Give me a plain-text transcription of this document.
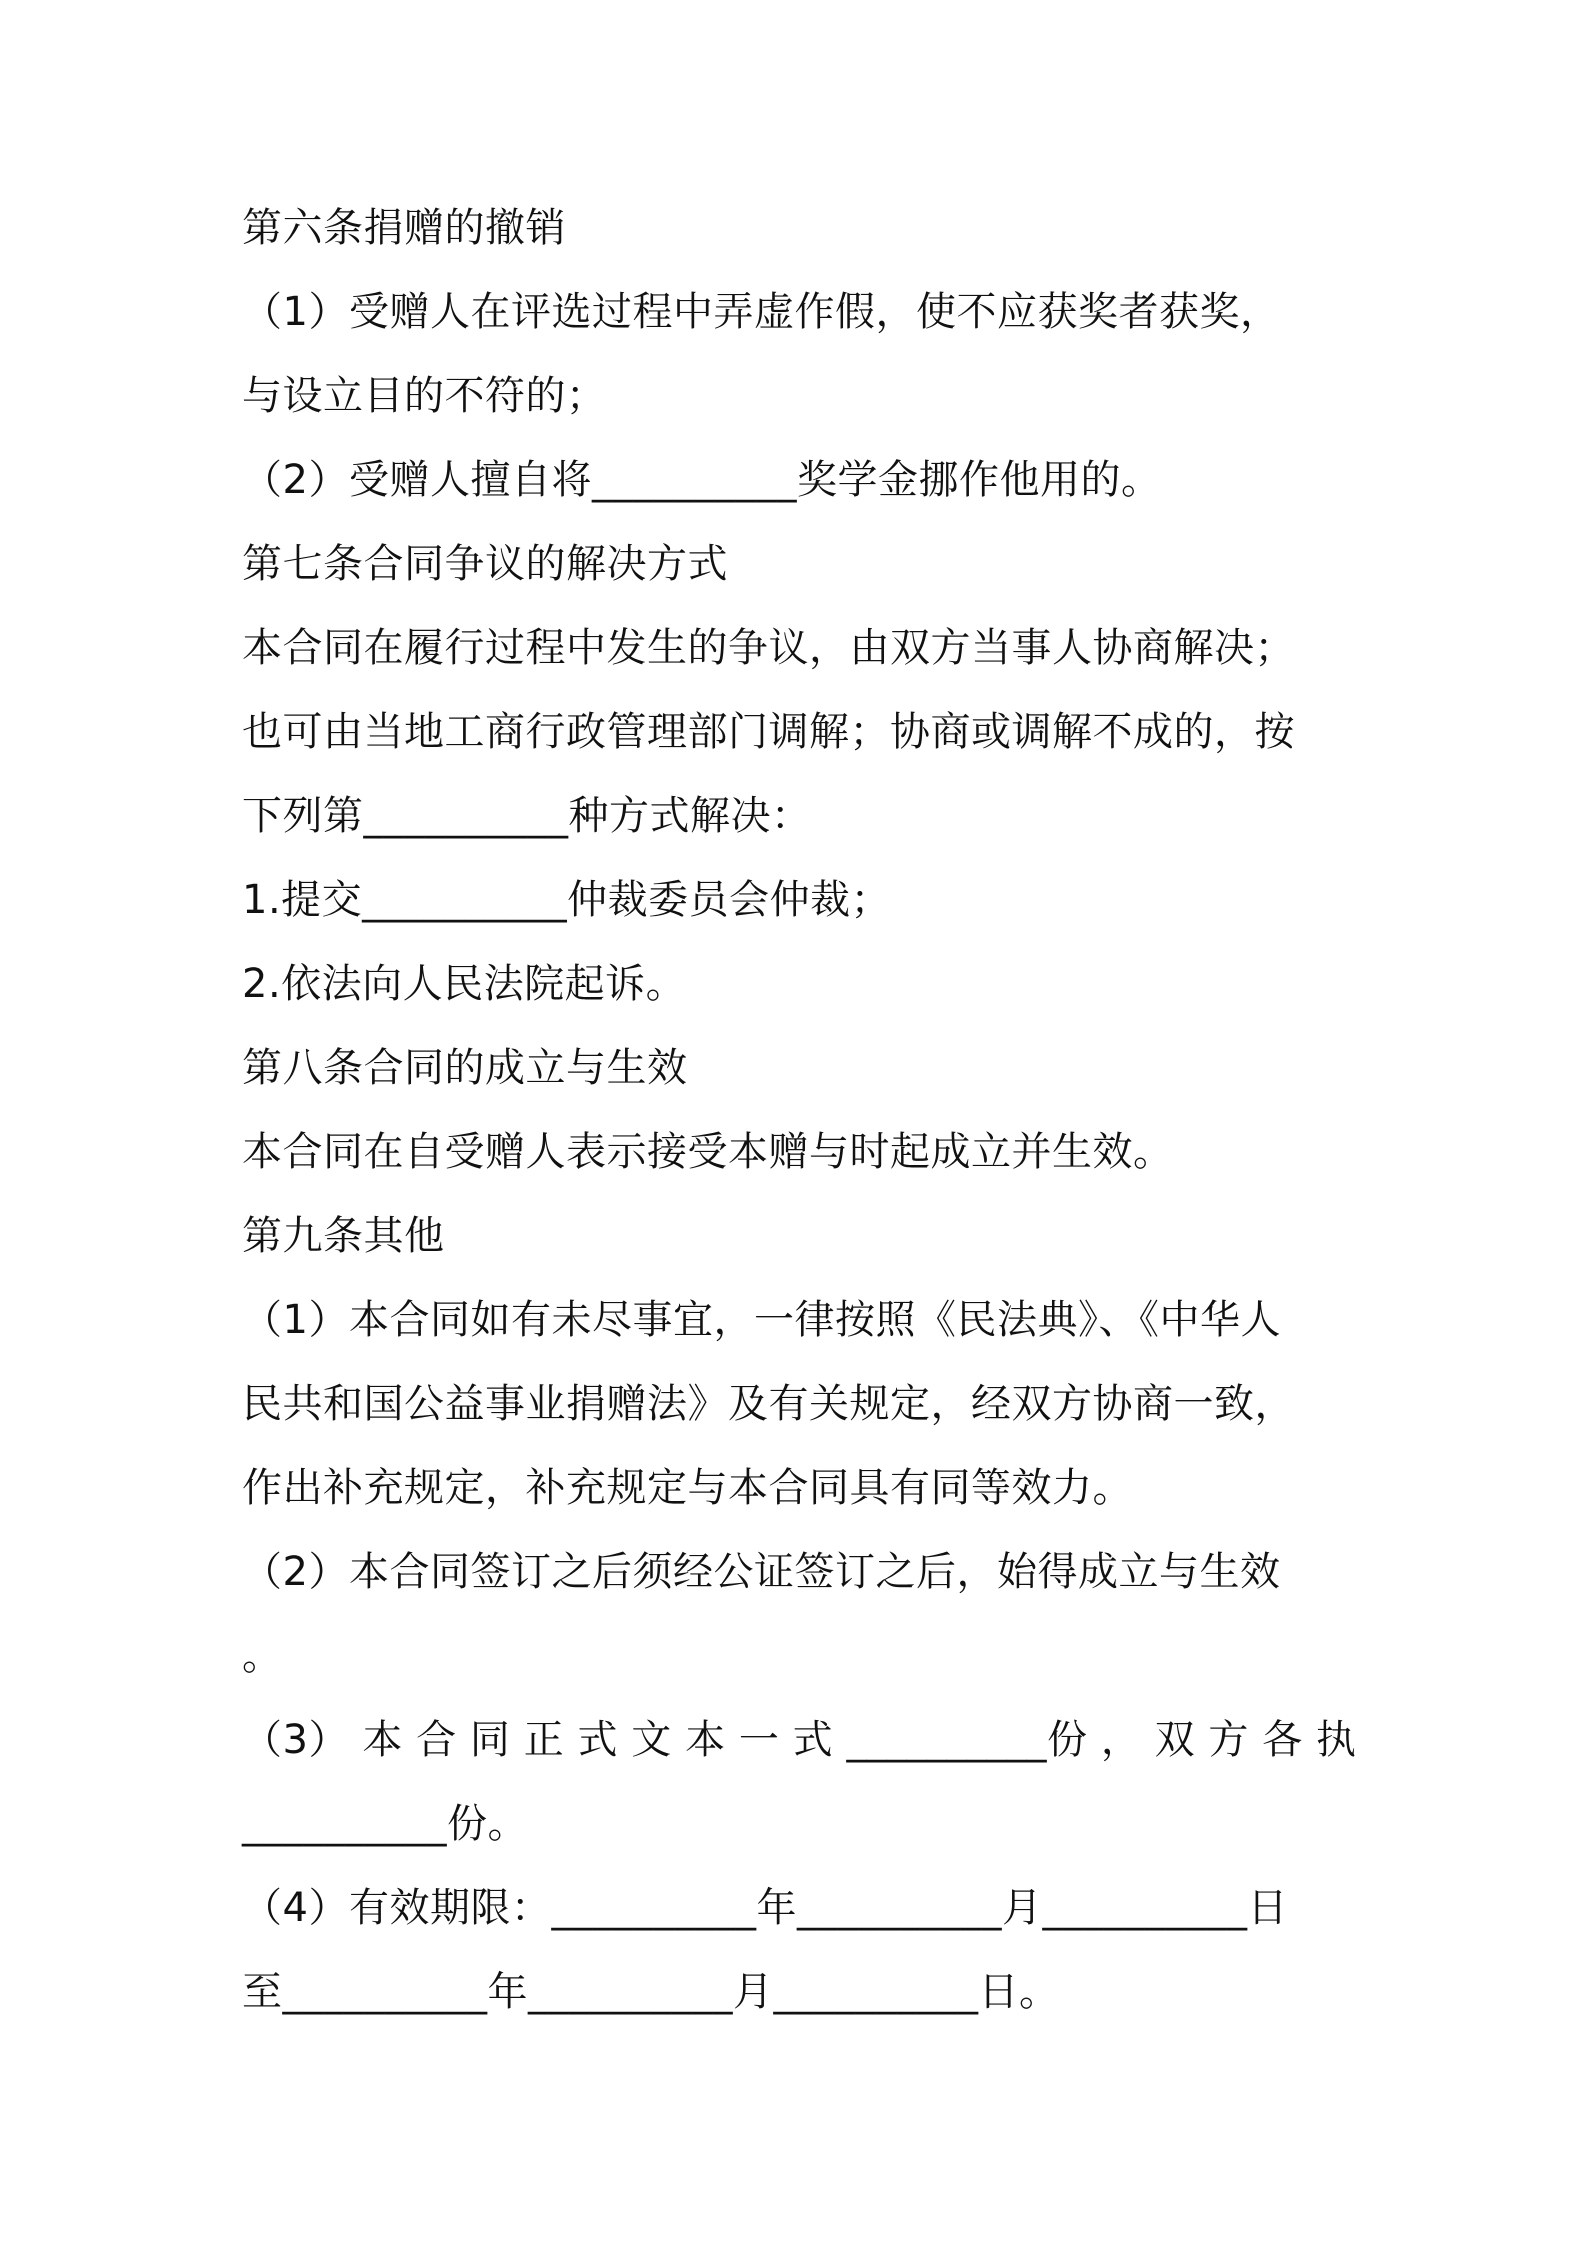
第六条捐赠的撤销
（1）受赠人在评选过程中弄虚作假，使不应获奖者获奖，
与设立目的不符的；
（2）受赠人擅自将__________奖学金挪作他用的。
第七条合同争议的解决方式
本合同在履行过程中发生的争议，由双方当事人协商解决；
也可由当地工商行政管理部门调解；协商或调解不成的，按
下列第__________种方式解决：
1.提交__________仲裁委员会仲裁；
2.依法向人民法院起诉。
第八条合同的成立与生效
本合同在自受赠人表示接受本赠与时起成立并生效。
第九条其他
（1）本合同如有未尽事宜，一律按照《民法典》、《中华人
民共和国公益事业捐赠法》及有关规定，经双方协商一致，
作出补充规定，补充规定与本合同具有同等效力。
（2）本合同签订之后须经公证签订之后，始得成立与生效
。
（3） 本 合 同 正 式 文 本 一 式 __________份 ， 双 方 各 执
__________份。
（4）有效期限：__________年__________月__________日
至__________年__________月__________日。
